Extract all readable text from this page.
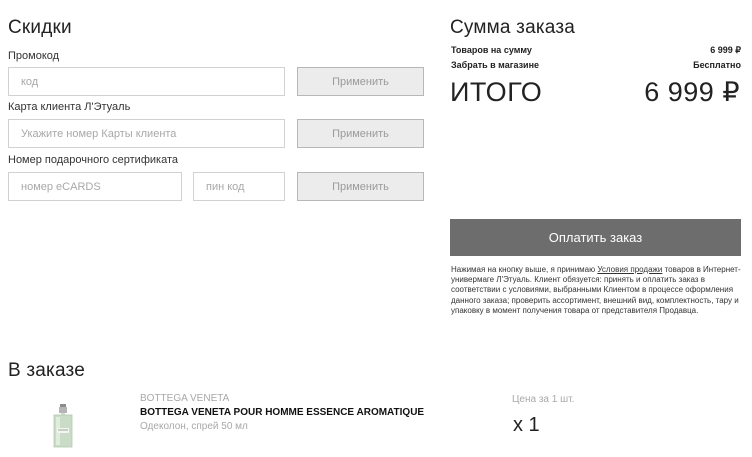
Скидки
Промокод
код
Применить
Карта клиента Л'Этуаль
Укажите номер Карты клиента
Применить
Номер подарочного сертификата
номер eCARDS
пин код
Применить
Сумма заказа
Товаров на сумму	6 999 ₽
Забрать в магазине	Бесплатно
ИТОГО	6 999 ₽
Оплатить заказ
Нажимая на кнопку выше, я принимаю Условия продажи товаров в Интернет-универмаге Л'Этуаль. Клиент обязуется: принять и оплатить заказ в соответствии с условиями, выбранными Клиентом в процессе оформления данного заказа; проверить ассортимент, внешний вид, комплектность, тару и упаковку в момент получения товара от представителя Продавца.
В заказе
BOTTEGA VENETA
BOTTEGA VENETA POUR HOMME ESSENCE AROMATIQUE
Одеколон, спрей 50 мл
Цена за 1 шт.
x 1
